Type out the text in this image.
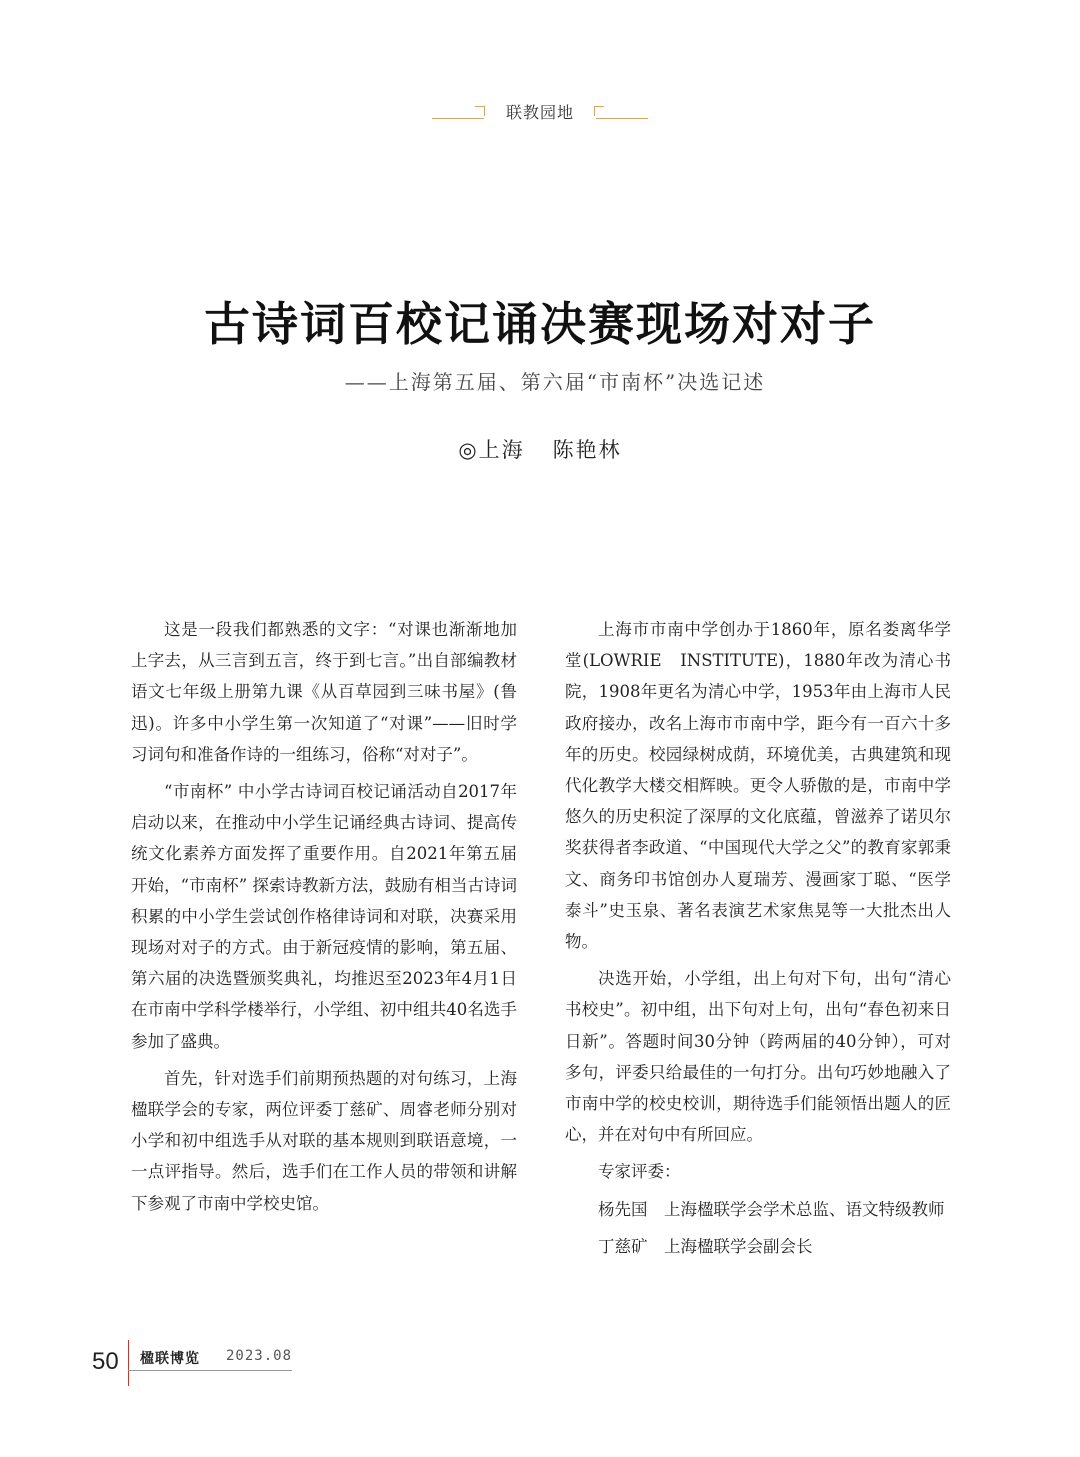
联教园地
古诗词百校记诵决赛现场对对子
——上海第五届、第六届“市南杯”决选记述
◎上海 陈艳林

这是一段我们都熟悉的文字：“对课也渐渐地加上字去，从三言到五言，终于到七言。”出自部编教材语文七年级上册第九课《从百草园到三味书屋》(鲁迅)。许多中小学生第一次知道了“对课”——旧时学习词句和准备作诗的一组练习，俗称“对对子”。

“市南杯” 中小学古诗词百校记诵活动自2017年启动以来，在推动中小学生记诵经典古诗词、提高传统文化素养方面发挥了重要作用。自2021年第五届开始，“市南杯” 探索诗教新方法，鼓励有相当古诗词积累的中小学生尝试创作格律诗词和对联，决赛采用现场对对子的方式。由于新冠疫情的影响，第五届、第六届的决选暨颁奖典礼，均推迟至2023年4月1日在市南中学科学楼举行，小学组、初中组共40名选手参加了盛典。

首先，针对选手们前期预热题的对句练习，上海楹联学会的专家，两位评委丁慈矿、周睿老师分别对小学和初中组选手从对联的基本规则到联语意境，一一点评指导。然后，选手们在工作人员的带领和讲解下参观了市南中学校史馆。

上海市市南中学创办于1860年，原名娄离华学堂(LOWRIE　INSTITUTE)，1880年改为清心书院，1908年更名为清心中学，1953年由上海市人民政府接办，改名上海市市南中学，距今有一百六十多年的历史。校园绿树成荫，环境优美，古典建筑和现代化教学大楼交相辉映。更令人骄傲的是，市南中学悠久的历史积淀了深厚的文化底蕴，曾滋养了诺贝尔奖获得者李政道、“中国现代大学之父”的教育家郭秉文、商务印书馆创办人夏瑞芳、漫画家丁聪、“医学泰斗”史玉泉、著名表演艺术家焦晃等一大批杰出人物。

决选开始，小学组，出上句对下句，出句“清心书校史”。初中组，出下句对上句，出句“春色初来日日新”。答题时间30分钟（跨两届的40分钟），可对多句，评委只给最佳的一句打分。出句巧妙地融入了市南中学的校史校训，期待选手们能领悟出题人的匠心，并在对句中有所回应。

专家评委：

杨先国　上海楹联学会学术总监、语文特级教师

丁慈矿　上海楹联学会副会长

50 楹联博览 2023.08
